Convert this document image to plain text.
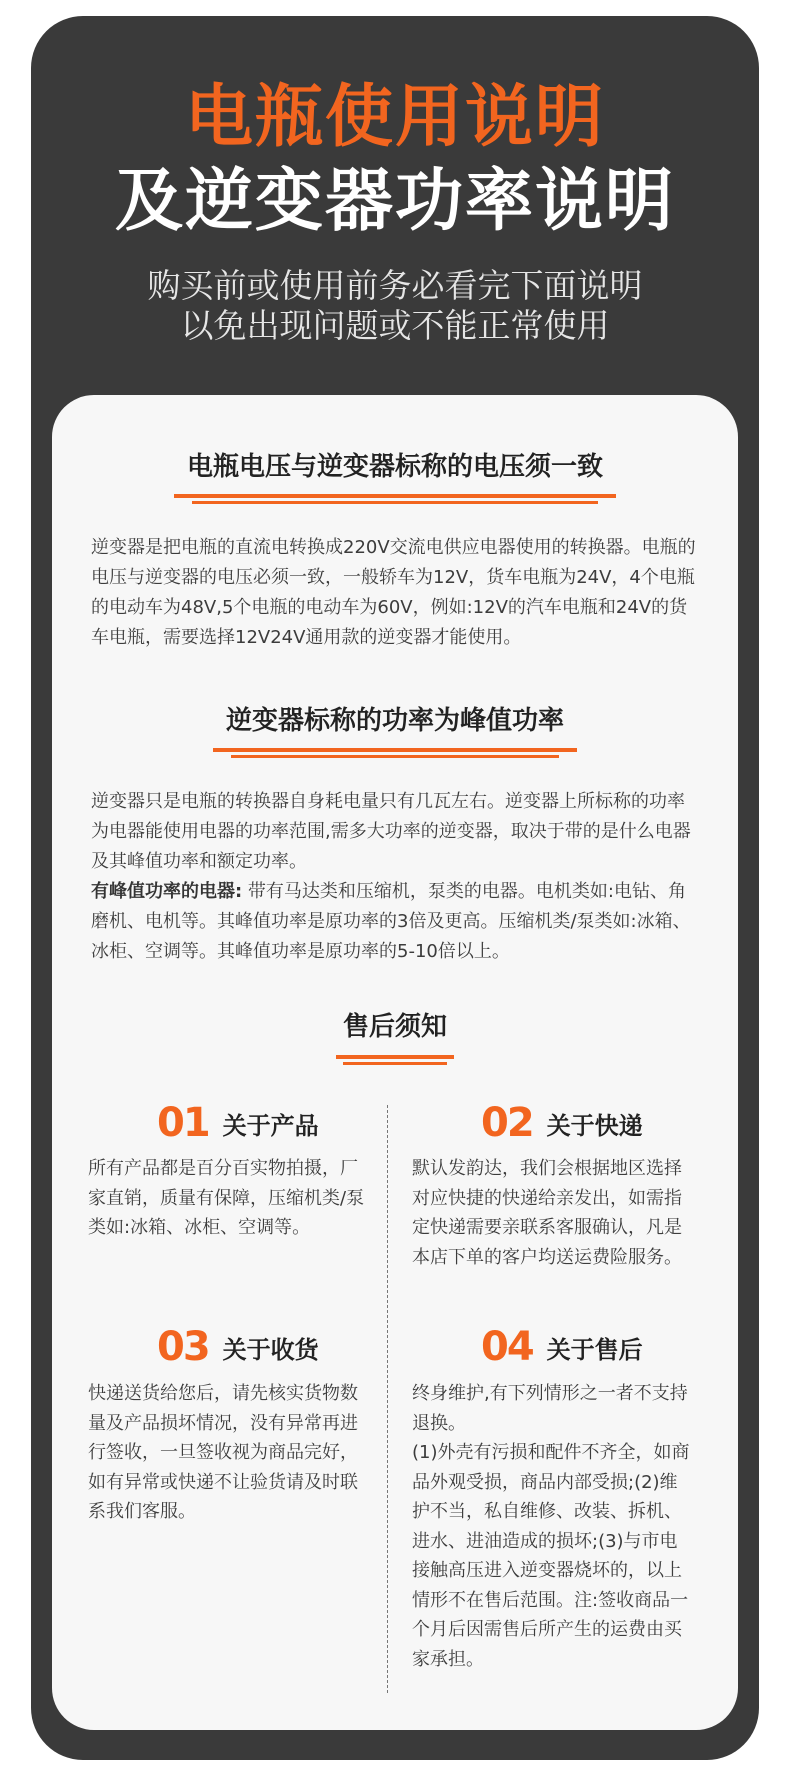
电瓶使用说明
及逆变器功率说明
购买前或使用前务必看完下面说明
以免出现问题或不能正常使用
电瓶电压与逆变器标称的电压须一致

逆变器是把电瓶的直流电转换成220V交流电供应电器使用的转换器。电瓶的电压与逆变器的电压必须一致，一般轿车为12V，货车电瓶为24V，4个电瓶的电动车为48V,5个电瓶的电动车为60V，例如:12V的汽车电瓶和24V的货车电瓶，需要选择12V24V通用款的逆变器才能使用。

逆变器标称的功率为峰值功率

逆变器只是电瓶的转换器自身耗电量只有几瓦左右。逆变器上所标称的功率为电器能使用电器的功率范围,需多大功率的逆变器，取决于带的是什么电器及其峰值功率和额定功率。

有峰值功率的电器: 带有马达类和压缩机，泵类的电器。电机类如:电钻、角磨机、电机等。其峰值功率是原功率的3倍及更高。压缩机类/泵类如:冰箱、冰柜、空调等。其峰值功率是原功率的5-10倍以上。

售后须知
01 关于产品
所有产品都是百分百实物拍摄，厂家直销，质量有保障，压缩机类/泵类如:冰箱、冰柜、空调等。
02 关于快递
默认发韵达，我们会根据地区选择对应快捷的快递给亲发出，如需指定快递需要亲联系客服确认，凡是本店下单的客户均送运费险服务。
03 关于收货
快递送货给您后，请先核实货物数量及产品损坏情况，没有异常再进行签收，一旦签收视为商品完好，如有异常或快递不让验货请及时联系我们客服。
04 关于售后
终身维护,有下列情形之一者不支持退换。
(1)外壳有污损和配件不齐全，如商品外观受损，商品内部受损;(2)维护不当，私自维修、改装、拆机、进水、进油造成的损坏;(3)与市电接触高压进入逆变器烧坏的，以上情形不在售后范围。注:签收商品一个月后因需售后所产生的运费由买家承担。
